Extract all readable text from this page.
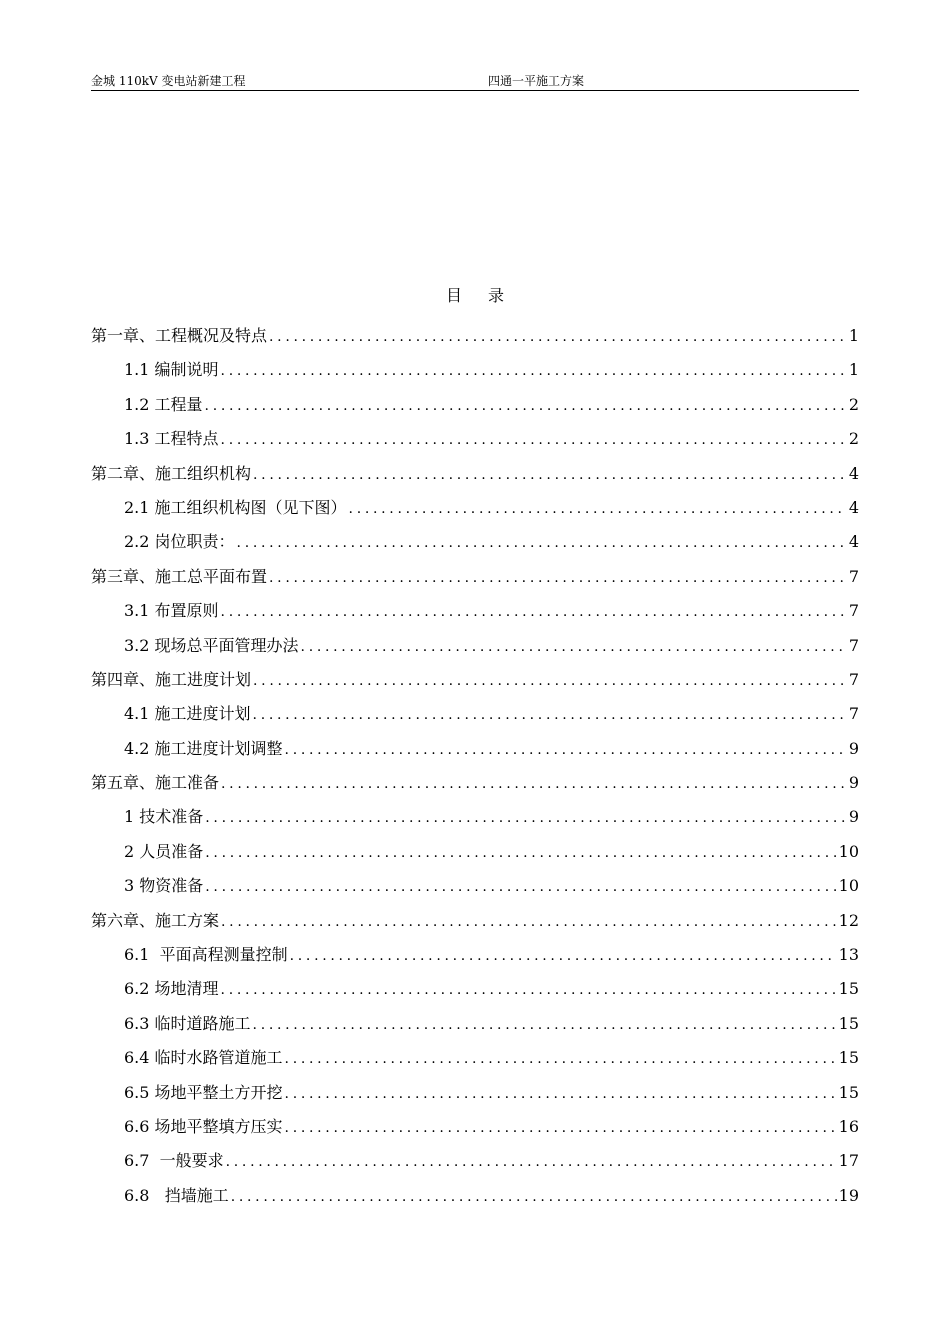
金城 110kV 变电站新建工程	四通一平施工方案
目录
第一章、工程概况及特点 .....	1
1.1 编制说明 .....	1
1.2 工程量 .....	2
1.3 工程特点 .....	2
第二章、施工组织机构 .....	4
2.1 施工组织机构图（见下图） .....	4
2.2 岗位职责： .....	4
第三章、施工总平面布置 .....	7
3.1 布置原则 .....	7
3.2 现场总平面管理办法 .....	7
第四章、施工进度计划 .....	7
4.1 施工进度计划 .....	7
4.2 施工进度计划调整 .....	9
第五章、施工准备 .....	9
1 技术准备 .....	9
2 人员准备 .....	10
3 物资准备 .....	10
第六章、施工方案 .....	12
6.1  平面高程测量控制 .....	13
6.2 场地清理 .....	15
6.3 临时道路施工 .....	15
6.4 临时水路管道施工 .....	15
6.5 场地平整土方开挖 .....	15
6.6 场地平整填方压实 .....	16
6.7  一般要求 .....	17
6.8   挡墙施工 .....	19
